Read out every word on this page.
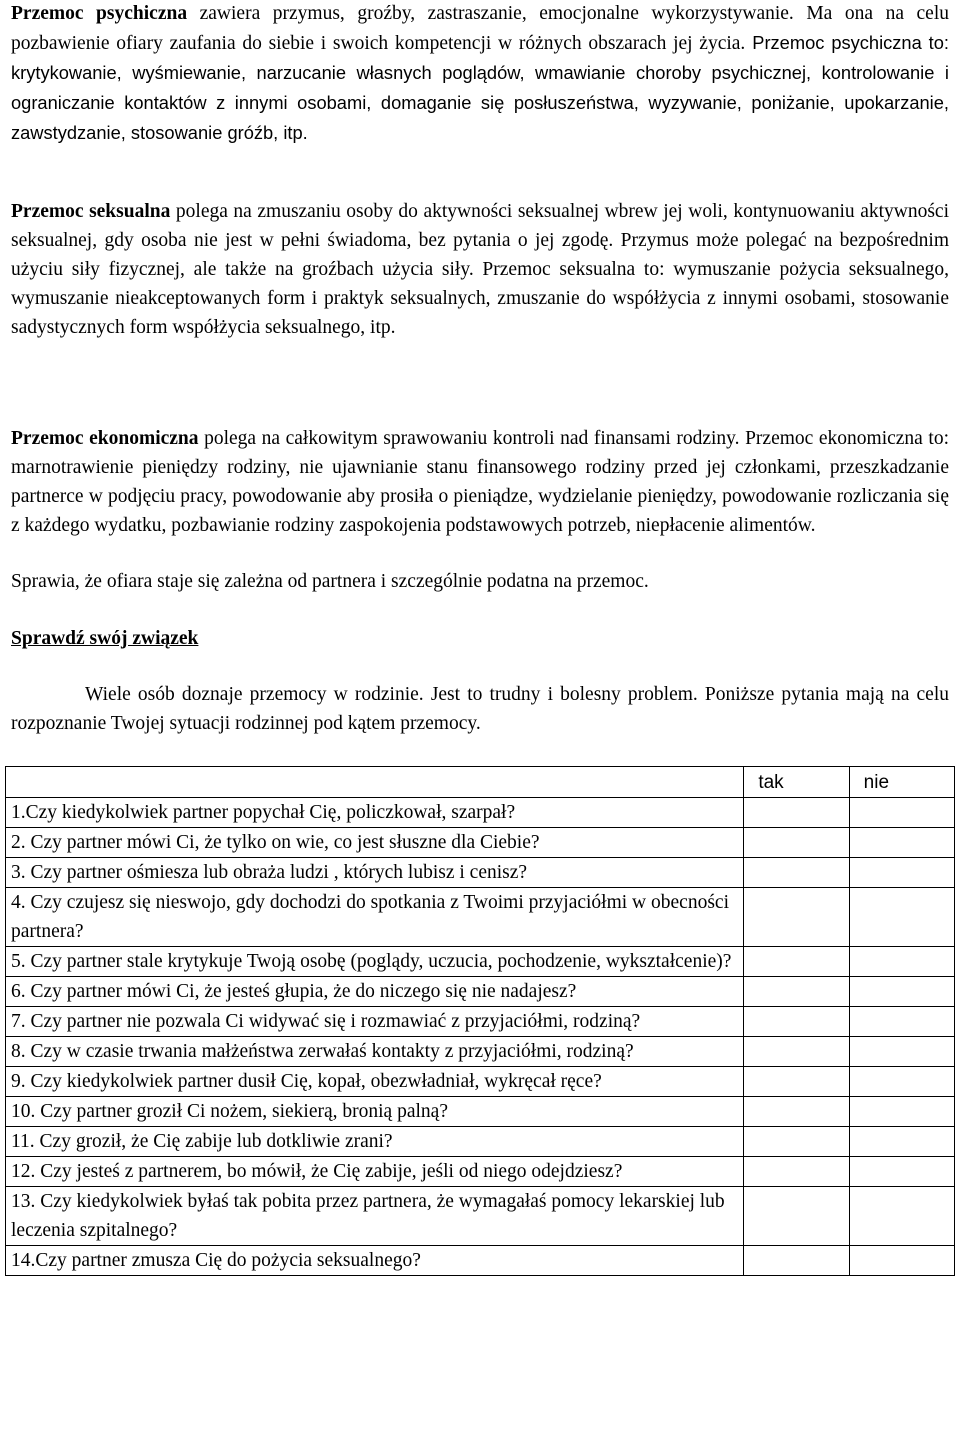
Przemoc psychiczna zawiera przymus, groźby, zastraszanie, emocjonalne wykorzystywanie. Ma ona na celu pozbawienie ofiary zaufania do siebie i swoich kompetencji w różnych obszarach jej życia. Przemoc psychiczna to: krytykowanie, wyśmiewanie, narzucanie własnych poglądów, wmawianie choroby psychicznej, kontrolowanie i ograniczanie kontaktów z innymi osobami, domaganie się posłuszeństwa, wyzywanie, poniżanie, upokarzanie, zawstydzanie, stosowanie gróźb, itp.

Przemoc seksualna polega na zmuszaniu osoby do aktywności seksualnej wbrew jej woli, kontynuowaniu aktywności seksualnej, gdy osoba nie jest w pełni świadoma, bez pytania o jej zgodę. Przymus może polegać na bezpośrednim użyciu siły fizycznej, ale także na groźbach użycia siły. Przemoc seksualna to: wymuszanie pożycia seksualnego, wymuszanie nieakceptowanych form i praktyk seksualnych, zmuszanie do współżycia z innymi osobami, stosowanie sadystycznych form współżycia seksualnego, itp.

Przemoc ekonomiczna polega na całkowitym sprawowaniu kontroli nad finansami rodziny. Przemoc ekonomiczna to: marnotrawienie pieniędzy rodziny, nie ujawnianie stanu finansowego rodziny przed jej członkami, przeszkadzanie partnerce w podjęciu pracy, powodowanie aby prosiła o pieniądze, wydzielanie pieniędzy, powodowanie rozliczania się z każdego wydatku, pozbawianie rodziny zaspokojenia podstawowych potrzeb, niepłacenie alimentów.

Sprawia, że ofiara staje się zależna od partnera i szczególnie podatna na przemoc.

Sprawdź swój związek

Wiele osób doznaje przemocy w rodzinie. Jest to trudny i bolesny problem. Poniższe pytania mają na celu rozpoznanie Twojej sytuacji rodzinnej pod kątem przemocy.

	tak	nie
1.Czy kiedykolwiek partner popychał Cię, policzkował, szarpał?		
2. Czy partner mówi Ci, że tylko on wie, co jest słuszne dla Ciebie?		
3. Czy partner ośmiesza lub obraża ludzi , których lubisz i cenisz?		
4. Czy czujesz się nieswojo, gdy dochodzi do spotkania z Twoimi przyjaciółmi w obecności partnera?		
5. Czy partner stale krytykuje Twoją osobę (poglądy, uczucia, pochodzenie, wykształcenie)?		
6. Czy partner mówi Ci, że jesteś głupia, że do niczego się nie nadajesz?		
7. Czy partner nie pozwala Ci widywać się i rozmawiać z przyjaciółmi, rodziną?		
8. Czy w czasie trwania małżeństwa zerwałaś kontakty z przyjaciółmi, rodziną?		
9. Czy kiedykolwiek partner dusił Cię, kopał, obezwładniał, wykręcał ręce?		
10. Czy partner groził Ci nożem, siekierą, bronią palną?		
11. Czy groził, że Cię zabije lub dotkliwie zrani?		
12. Czy jesteś z partnerem, bo mówił, że Cię zabije, jeśli od niego odejdziesz?		
13. Czy kiedykolwiek byłaś tak pobita przez partnera, że wymagałaś pomocy lekarskiej lub leczenia szpitalnego?		
14.Czy partner zmusza Cię do pożycia seksualnego?		
